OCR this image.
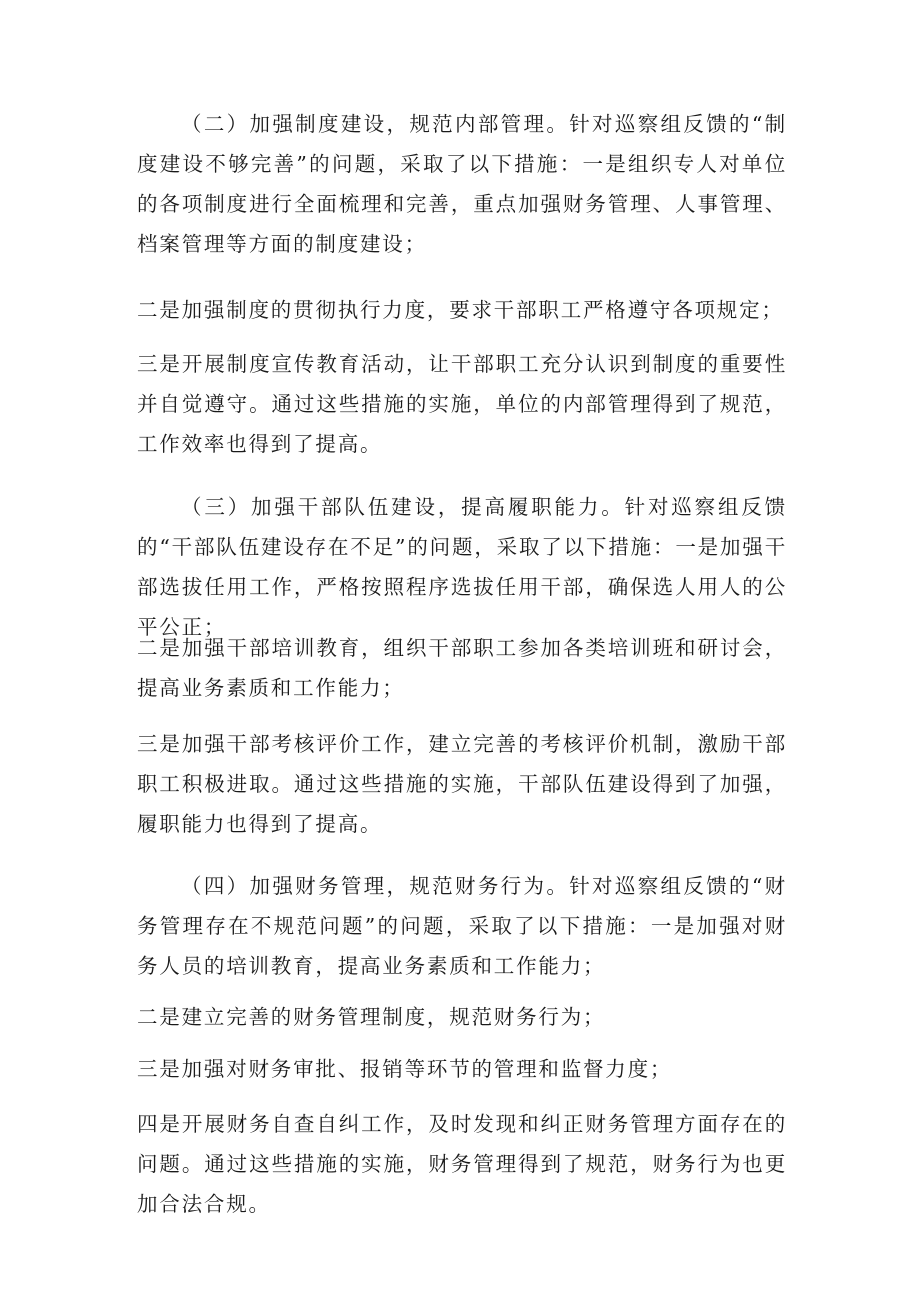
（二）加强制度建设，规范内部管理。针对巡察组反馈的“制度建设不够完善”的问题，采取了以下措施：一是组织专人对单位的各项制度进行全面梳理和完善，重点加强财务管理、人事管理、档案管理等方面的制度建设；

二是加强制度的贯彻执行力度，要求干部职工严格遵守各项规定；

三是开展制度宣传教育活动，让干部职工充分认识到制度的重要性并自觉遵守。通过这些措施的实施，单位的内部管理得到了规范，工作效率也得到了提高。

（三）加强干部队伍建设，提高履职能力。针对巡察组反馈的“干部队伍建设存在不足”的问题，采取了以下措施：一是加强干部选拔任用工作，严格按照程序选拔任用干部，确保选人用人的公平公正；

二是加强干部培训教育，组织干部职工参加各类培训班和研讨会，提高业务素质和工作能力；

三是加强干部考核评价工作，建立完善的考核评价机制，激励干部职工积极进取。通过这些措施的实施，干部队伍建设得到了加强，履职能力也得到了提高。

（四）加强财务管理，规范财务行为。针对巡察组反馈的“财务管理存在不规范问题”的问题，采取了以下措施：一是加强对财务人员的培训教育，提高业务素质和工作能力；

二是建立完善的财务管理制度，规范财务行为；

三是加强对财务审批、报销等环节的管理和监督力度；

四是开展财务自查自纠工作，及时发现和纠正财务管理方面存在的问题。通过这些措施的实施，财务管理得到了规范，财务行为也更加合法合规。
